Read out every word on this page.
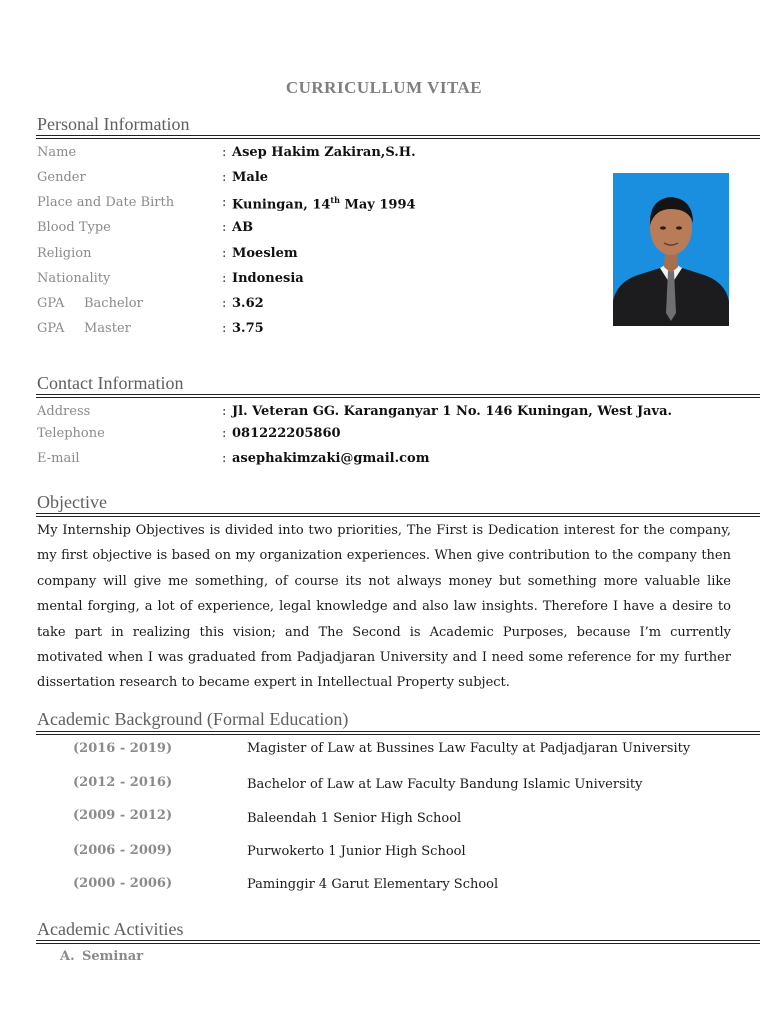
CURRICULLUM VITAE
Personal Information
Name	: Asep Hakim Zakiran,S.H.
Gender	: Male
Place and Date Birth	: Kuningan, 14th May 1994
Blood Type	: AB
Religion	: Moeslem
Nationality	: Indonesia
GPA Bachelor	: 3.62
GPA Master	: 3.75
Contact Information
Address	: Jl. Veteran GG. Karanganyar 1 No. 146 Kuningan, West Java.
Telephone	: 081222205860
E-mail	: asephakimzaki@gmail.com
Objective
My Internship Objectives is divided into two priorities, The First is Dedication interest for the company, my first objective is based on my organization experiences. When give contribution to the company then company will give me something, of course its not always money but something more valuable like mental forging, a lot of experience, legal knowledge and also law insights. Therefore I have a desire to take part in realizing this vision; and The Second is Academic Purposes, because I’m currently motivated when I was graduated from Padjadjaran University and I need some reference for my further dissertation research to became expert in Intellectual Property subject.
Academic Background (Formal Education)
(2016 - 2019)	Magister of Law at Bussines Law Faculty at Padjadjaran University
(2012 - 2016)	Bachelor of Law at Law Faculty Bandung Islamic University
(2009 - 2012)	Baleendah 1 Senior High School
(2006 - 2009)	Purwokerto 1 Junior High School
(2000 - 2006)	Paminggir 4 Garut Elementary School
Academic Activities
A. Seminar
